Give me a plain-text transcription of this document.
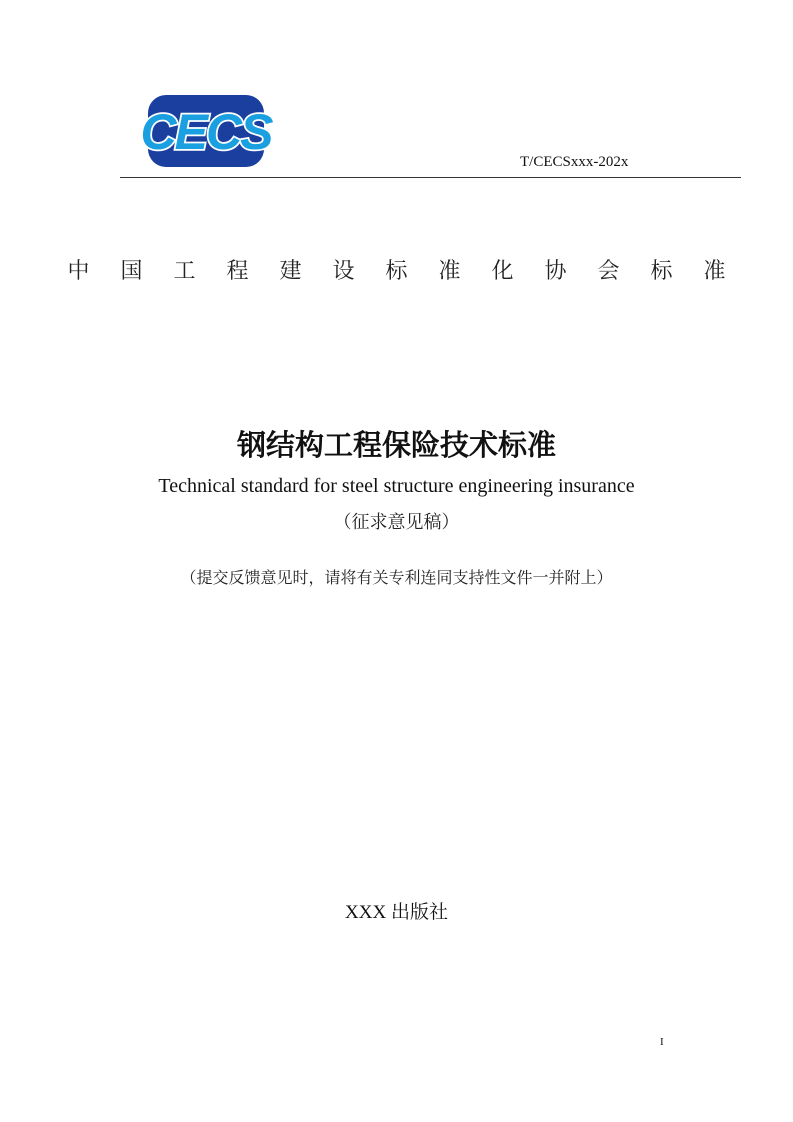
CECS
T/CECSxxx-202x
中 国 工 程 建 设 标 准 化 协 会 标 准
钢结构工程保险技术标准
Technical standard for steel structure engineering insurance
（征求意见稿）
（提交反馈意见时，请将有关专利连同支持性文件一并附上）
XXX 出版社
I
